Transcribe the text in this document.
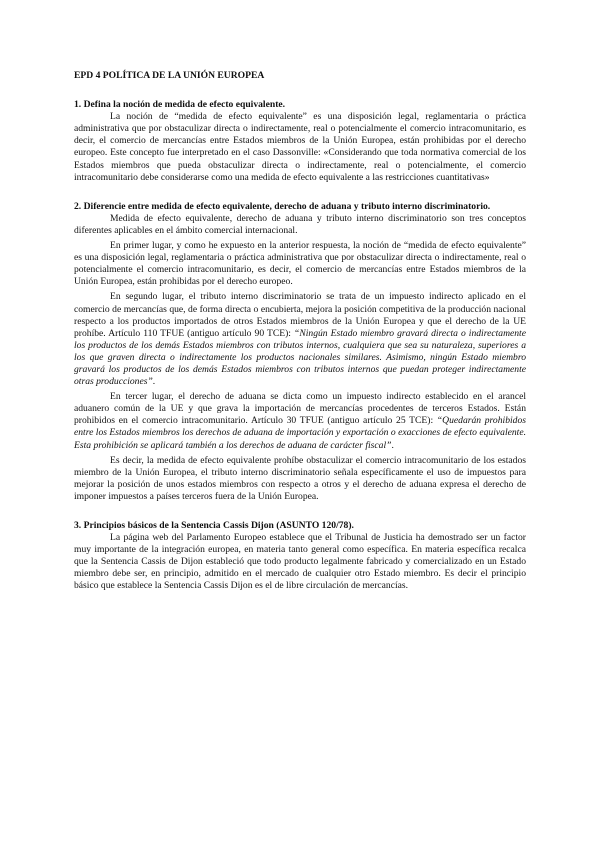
EPD 4 POLÍTICA DE LA UNIÓN EUROPEA
1. Defina la noción de medida de efecto equivalente.

La noción de “medida de efecto equivalente” es una disposición legal, reglamentaria o práctica administrativa que por obstaculizar directa o indirectamente, real o potencialmente el comercio intracomunitario, es decir, el comercio de mercancías entre Estados miembros de la Unión Europea, están prohibidas por el derecho europeo. Este concepto fue interpretado en el caso Dassonville: «Considerando que toda normativa comercial de los Estados miembros que pueda obstaculizar directa o indirectamente, real o potencialmente, el comercio intracomunitario debe considerarse como una medida de efecto equivalente a las restricciones cuantitativas»

2. Diferencie entre medida de efecto equivalente, derecho de aduana y tributo interno discriminatorio.

Medida de efecto equivalente, derecho de aduana y tributo interno discriminatorio son tres conceptos diferentes aplicables en el ámbito comercial internacional.

En primer lugar, y como he expuesto en la anterior respuesta, la noción de “medida de efecto equivalente” es una disposición legal, reglamentaria o práctica administrativa que por obstaculizar directa o indirectamente, real o potencialmente el comercio intracomunitario, es decir, el comercio de mercancías entre Estados miembros de la Unión Europea, están prohibidas por el derecho europeo.

En segundo lugar, el tributo interno discriminatorio se trata de un impuesto indirecto aplicado en el comercio de mercancías que, de forma directa o encubierta, mejora la posición competitiva de la producción nacional respecto a los productos importados de otros Estados miembros de la Unión Europea y que el derecho de la UE prohíbe. Artículo 110 TFUE (antiguo artículo 90 TCE): “Ningún Estado miembro gravará directa o indirectamente los productos de los demás Estados miembros con tributos internos, cualquiera que sea su naturaleza, superiores a los que graven directa o indirectamente los productos nacionales similares. Asimismo, ningún Estado miembro gravará los productos de los demás Estados miembros con tributos internos que puedan proteger indirectamente otras producciones”.

En tercer lugar, el derecho de aduana se dicta como un impuesto indirecto establecido en el arancel aduanero común de la UE y que grava la importación de mercancías procedentes de terceros Estados. Están prohibidos en el comercio intracomunitario. Artículo 30 TFUE (antiguo artículo 25 TCE): “Quedarán prohibidos entre los Estados miembros los derechos de aduana de importación y exportación o exacciones de efecto equivalente. Esta prohibición se aplicará también a los derechos de aduana de carácter fiscal”.

Es decir, la medida de efecto equivalente prohíbe obstaculizar el comercio intracomunitario de los estados miembro de la Unión Europea, el tributo interno discriminatorio señala específicamente el uso de impuestos para mejorar la posición de unos estados miembros con respecto a otros y el derecho de aduana expresa el derecho de imponer impuestos a países terceros fuera de la Unión Europea.

3. Principios básicos de la Sentencia Cassis Dijon (ASUNTO 120/78).

La página web del Parlamento Europeo establece que el Tribunal de Justicia ha demostrado ser un factor muy importante de la integración europea, en materia tanto general como específica. En materia específica recalca que la Sentencia Cassis de Dijon estableció que todo producto legalmente fabricado y comercializado en un Estado miembro debe ser, en principio, admitido en el mercado de cualquier otro Estado miembro. Es decir el principio básico que establece la Sentencia Cassis Dijon es el de libre circulación de mercancías.
